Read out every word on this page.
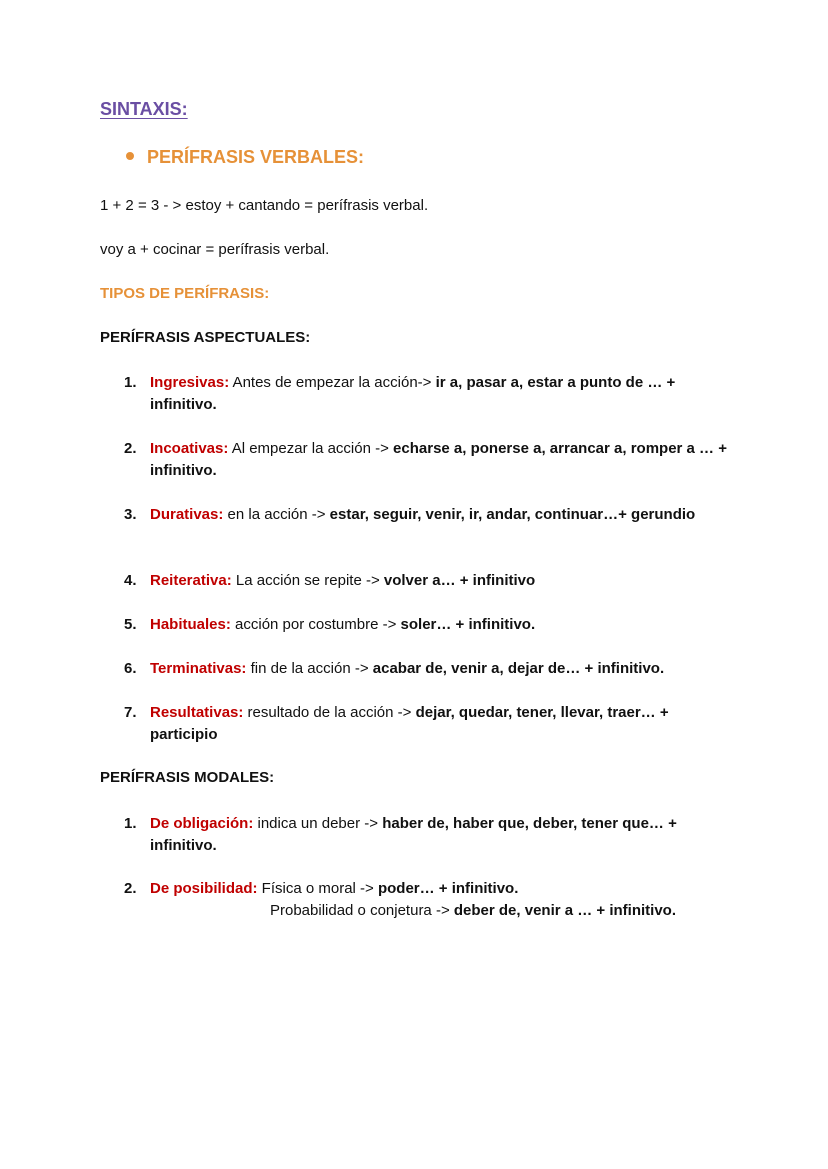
SINTAXIS:
PERÍFRASIS VERBALES:
1 + 2 = 3 - > estoy + cantando = perífrasis verbal.
voy a + cocinar = perífrasis verbal.
TIPOS DE PERÍFRASIS:
PERÍFRASIS ASPECTUALES:
1. Ingresivas: Antes de empezar la acción-> ir a, pasar a, estar a punto de … + infinitivo.
2. Incoativas: Al empezar la acción -> echarse a, ponerse a, arrancar a, romper a … + infinitivo.
3. Durativas: en la acción -> estar, seguir, venir, ir, andar, continuar…+ gerundio
4. Reiterativa: La acción se repite -> volver a… + infinitivo
5. Habituales: acción por costumbre -> soler… + infinitivo.
6. Terminativas: fin de la acción -> acabar de, venir a, dejar de… + infinitivo.
7. Resultativas: resultado de la acción -> dejar, quedar, tener, llevar, traer… + participio
PERÍFRASIS MODALES:
1. De obligación: indica un deber -> haber de, haber que, deber, tener que… + infinitivo.
2. De posibilidad: Física o moral -> poder… + infinitivo.
Probabilidad o conjetura -> deber de, venir a … + infinitivo.
